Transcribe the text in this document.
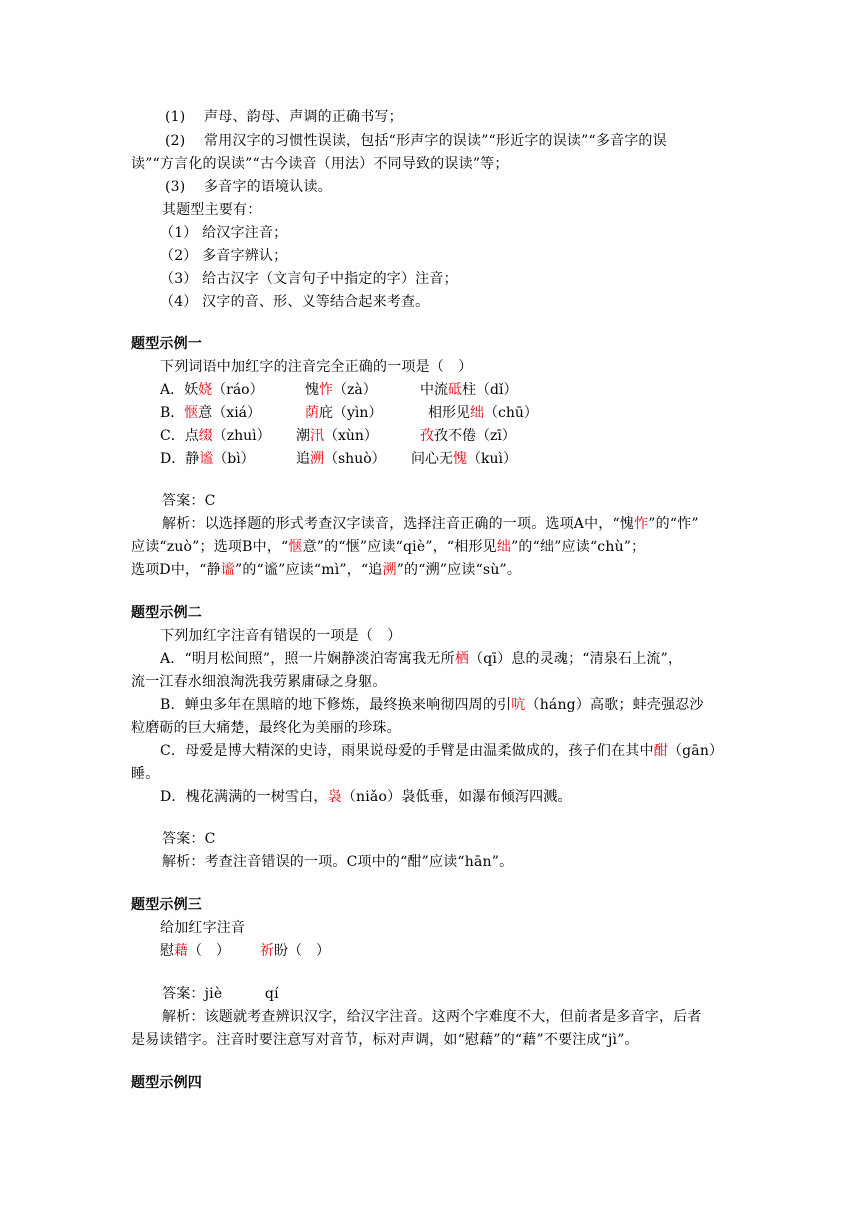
(1) 声母、韵母、声调的正确书写；
(2) 常用汉字的习惯性误读，包括“形声字的误读”“形近字的误读”“多音字的误
读”“方言化的误读”“古今读音（用法）不同导致的误读”等；
(3) 多音字的语境认读。
其题型主要有：
（1） 给汉字注音；
（2） 多音字辨认；
（3） 给古汉字（文言句子中指定的字）注音；
（4） 汉字的音、形、义等结合起来考查。
题型示例一
下列词语中加红字的注音完全正确的一项是（　）
A．妖娆（ráo）	愧怍（zà）	中流砥柱（dǐ）
B．惬意（xiá）	荫庇（yìn）	相形见绌（chū）
C．点缀（zhuì） 潮汛（xùn）	孜孜不倦（zī）
D．静谧（bì）	追溯（shuò） 问心无愧（kuì）
答案：C
解析：以选择题的形式考查汉字读音，选择注音正确的一项。选项A中，“愧怍”的“怍”
应读“zuò”；选项B中，“惬意”的“惬”应读“qiè”，“相形见绌”的“绌”应读“chù”；
选项D中，“静谧”的“谧”应读“mì”，“追溯”的“溯”应读“sù”。
题型示例二
下列加红字注音有错误的一项是（　）
A．“明月松间照”，照一片娴静淡泊寄寓我无所栖（qī）息的灵魂；“清泉石上流”，
流一江春水细浪淘洗我劳累庸碌之身躯。
B．蝉虫多年在黑暗的地下修炼，最终换来响彻四周的引吭（háng）高歌；蚌壳强忍沙
粒磨砺的巨大痛楚，最终化为美丽的珍珠。
C．母爱是博大精深的史诗，雨果说母爱的手臂是由温柔做成的，孩子们在其中酣（gān）
睡。
D．槐花满满的一树雪白，袅（niǎo）袅低垂，如瀑布倾泻四溅。
答案：C
解析：考查注音错误的一项。C项中的“酣”应读“hān”。
题型示例三
给加红字注音
慰藉（　） 祈盼（　）
答案：jiè　　　qí
解析：该题就考查辨识汉字，给汉字注音。这两个字难度不大，但前者是多音字，后者
是易读错字。注音时要注意写对音节，标对声调，如“慰藉”的“藉”不要注成“jì”。
题型示例四
